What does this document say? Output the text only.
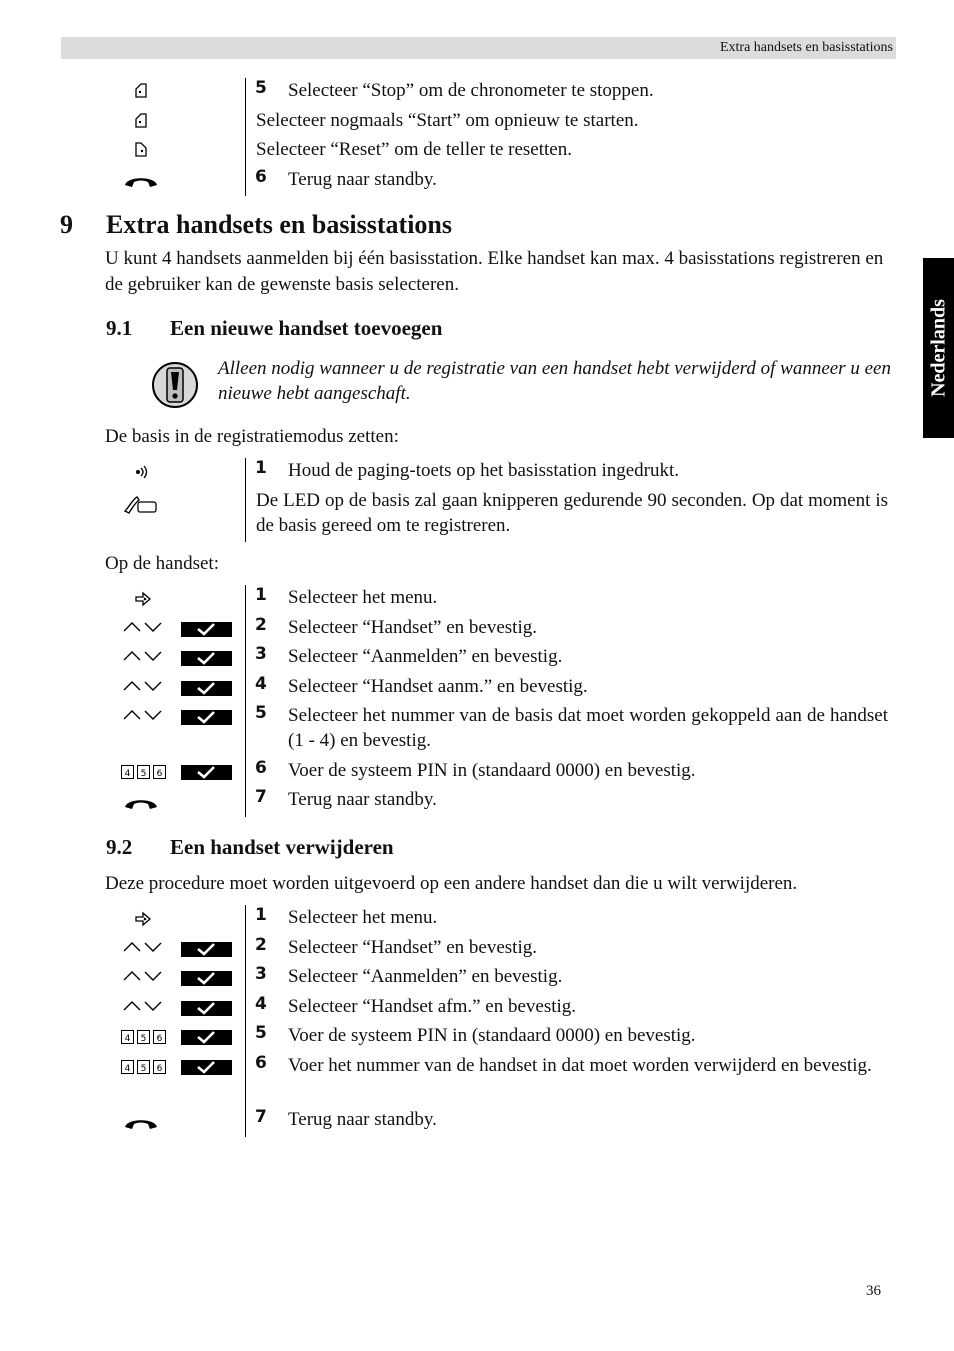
Extra handsets en basisstations
Nederlands
5 Selecteer “Stop” om de chronometer te stoppen.
Selecteer nogmaals “Start” om opnieuw te starten.
Selecteer “Reset” om de teller te resetten.
6 Terug naar standby.
9 Extra handsets en basisstations

U kunt 4 handsets aanmelden bij één basisstation. Elke handset kan max. 4 basisstations registreren en de gebruiker kan de gewenste basis selecteren.

9.1 Een nieuwe handset toevoegen

Alleen nodig wanneer u de registratie van een handset hebt verwijderd of wanneer u een nieuwe hebt aangeschaft.

De basis in de registratiemodus zetten:

1 Houd de paging-toets op het basisstation ingedrukt.
De LED op de basis zal gaan knipperen gedurende 90 seconden. Op dat moment is de basis gereed om te registreren.

Op de handset:

1 Selecteer het menu.
2 Selecteer “Handset” en bevestig.
3 Selecteer “Aanmelden” en bevestig.
4 Selecteer “Handset aanm.” en bevestig.
5 Selecteer het nummer van de basis dat moet worden gekoppeld aan de handset (1 - 4) en bevestig.
4 5 6	6 Voer de systeem PIN in (standaard 0000) en bevestig.
7 Terug naar standby.
9.2 Een handset verwijderen

Deze procedure moet worden uitgevoerd op een andere handset dan die u wilt verwijderen.

1 Selecteer het menu.
2 Selecteer “Handset” en bevestig.
3 Selecteer “Aanmelden” en bevestig.
4 Selecteer “Handset afm.” en bevestig.
4 5 6	5 Voer de systeem PIN in (standaard 0000) en bevestig.
4 5 6	6 Voer het nummer van de handset in dat moet worden verwijderd en bevestig.
7 Terug naar standby.
36
